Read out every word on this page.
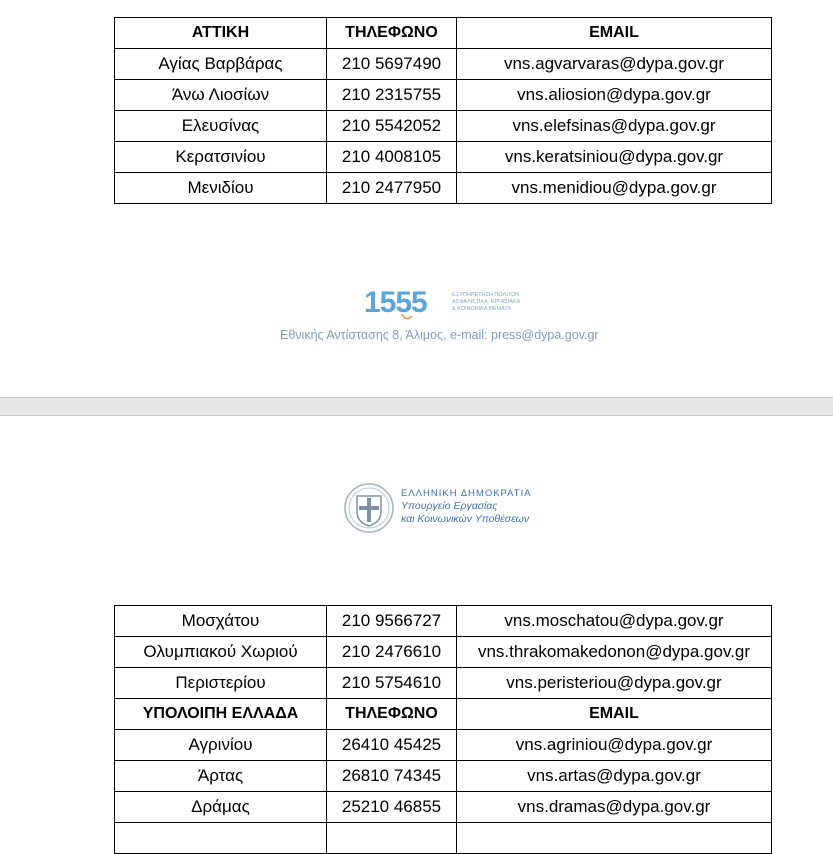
ΑΤΤΙΚΗ	ΤΗΛΕΦΩΝΟ	EMAIL
Αγίας Βαρβάρας	210 5697490	vns.agvarvaras@dypa.gov.gr
Άνω Λιοσίων	210 2315755	vns.aliosion@dypa.gov.gr
Ελευσίνας	210 5542052	vns.elefsinas@dypa.gov.gr
Κερατσινίου	210 4008105	vns.keratsiniou@dypa.gov.gr
Μενιδίου	210 2477950	vns.menidiou@dypa.gov.gr
1555	ΕΞΥΠΗΡΕΤΗΣΗ ΠΟΛΙΤΩΝ
ΑΣΦΑΛΙΣΤΙΚΑ, ΕΡΓΑΣΙΑΚΑ
& ΚΟΙΝΩΝΙΚΑ ΘΕΜΑΤΑ
Εθνικής Αντίστασης 8, Άλιμος, e-mail: press@dypa.gov.gr
ΕΛΛΗΝΙΚΗ ΔΗΜΟΚΡΑΤΙΑ
Υπουργείο Εργασίας
και Κοινωνικών Υποθέσεων
Μοσχάτου	210 9566727	vns.moschatou@dypa.gov.gr
Ολυμπιακού Χωριού	210 2476610	vns.thrakomakedonon@dypa.gov.gr
Περιστερίου	210 5754610	vns.peristeriou@dypa.gov.gr
ΥΠΟΛΟΙΠΗ ΕΛΛΑΔΑ	ΤΗΛΕΦΩΝΟ	EMAIL
Αγρινίου	26410 45425	vns.agriniou@dypa.gov.gr
Άρτας	26810 74345	vns.artas@dypa.gov.gr
Δράμας	25210 46855	vns.dramas@dypa.gov.gr
